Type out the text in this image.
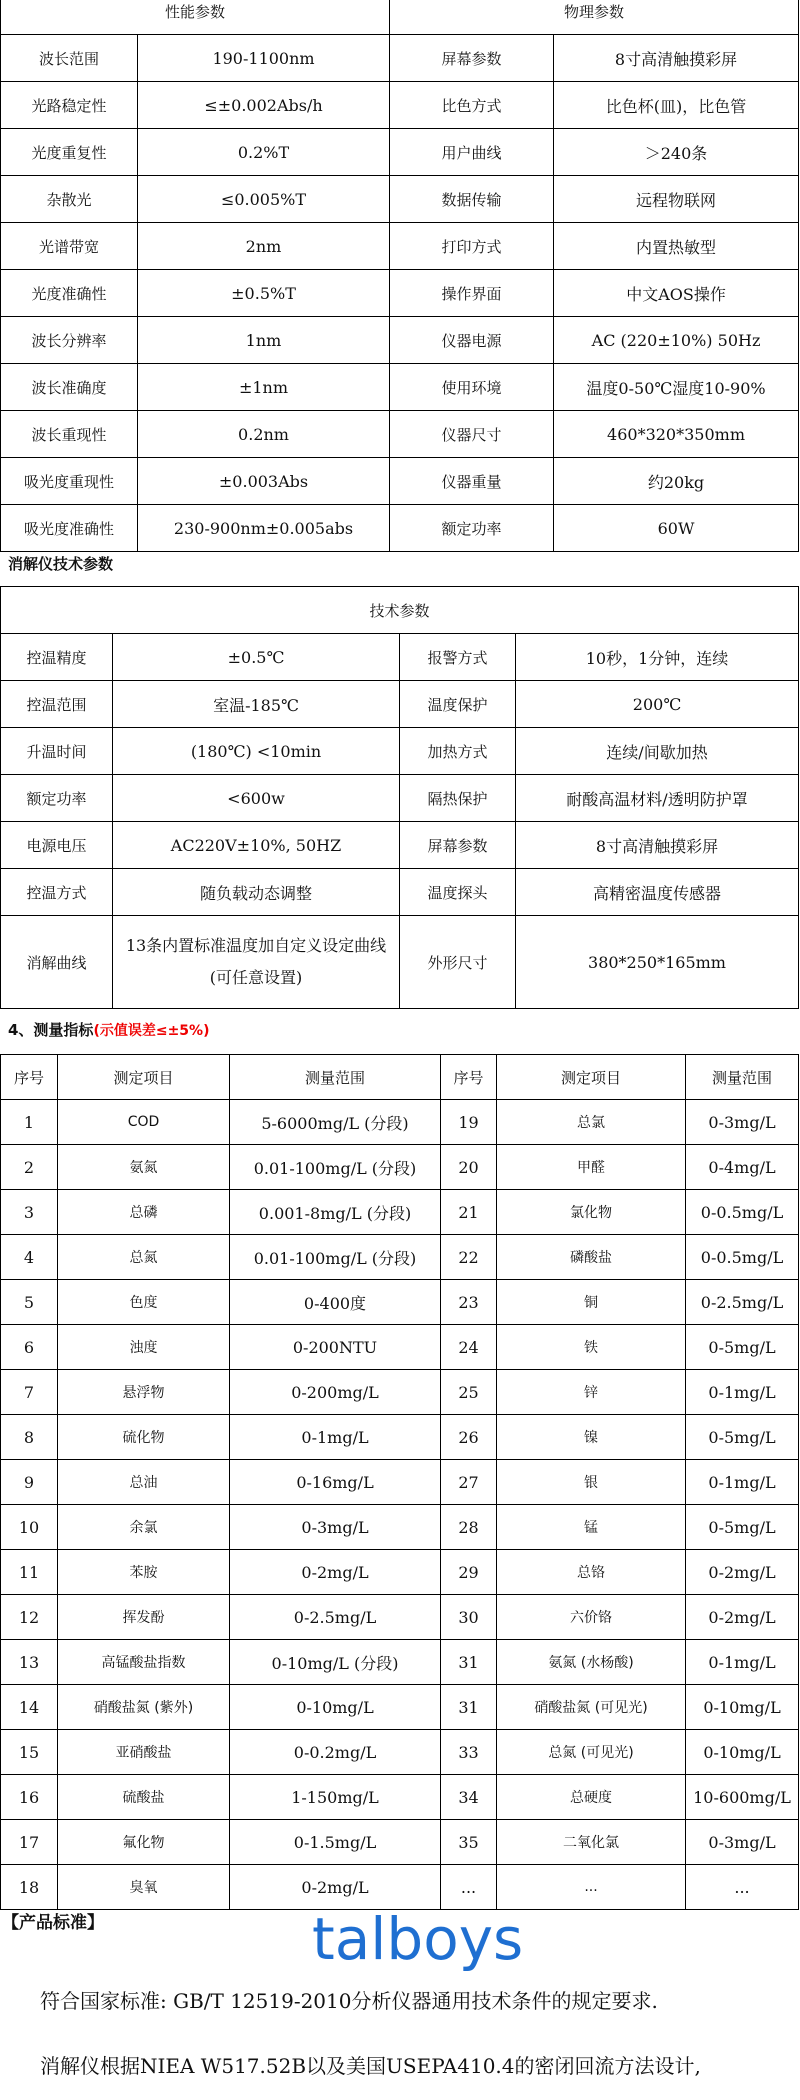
性能参数		物理参数	
波长范围	190-1100nm	屏幕参数	8寸高清触摸彩屏
光路稳定性	≤±0.002Abs/h	比色方式	比色杯(皿)，比色管
光度重复性	0.2%T	用户曲线	＞240条
杂散光	≤0.005%T	数据传输	远程物联网
光谱带宽	2nm	打印方式	内置热敏型
光度准确性	±0.5%T	操作界面	中文AOS操作
波长分辨率	1nm	仪器电源	AC (220±10%) 50Hz
波长准确度	±1nm	使用环境	温度0-50℃湿度10-90%
波长重现性	0.2nm	仪器尺寸	460*320*350mm
吸光度重现性	±0.003Abs	仪器重量	约20kg
吸光度准确性	230-900nm±0.005abs	额定功率	60W
消解仪技术参数
技术参数			
控温精度	±0.5℃	报警方式	10秒，1分钟，连续
控温范围	室温-185℃	温度保护	200℃
升温时间	(180℃) <10min	加热方式	连续/间歇加热
额定功率	<600w	隔热保护	耐酸高温材料/透明防护罩
电源电压	AC220V±10%, 50HZ	屏幕参数	8寸高清触摸彩屏
控温方式	随负载动态调整	温度探头	高精密温度传感器
消解曲线	13条内置标准温度加自定义设定曲线 (可任意设置)	外形尺寸	380*250*165mm
4、测量指标(示值误差≤±5%)
序号	测定项目	测量范围	序号	测定项目	测量范围
1	COD	5-6000mg/L (分段)	19	总氯	0-3mg/L
2	氨氮	0.01-100mg/L (分段)	20	甲醛	0-4mg/L
3	总磷	0.001-8mg/L (分段)	21	氯化物	0-0.5mg/L
4	总氮	0.01-100mg/L (分段)	22	磷酸盐	0-0.5mg/L
5	色度	0-400度	23	铜	0-2.5mg/L
6	浊度	0-200NTU	24	铁	0-5mg/L
7	悬浮物	0-200mg/L	25	锌	0-1mg/L
8	硫化物	0-1mg/L	26	镍	0-5mg/L
9	总油	0-16mg/L	27	银	0-1mg/L
10	余氯	0-3mg/L	28	锰	0-5mg/L
11	苯胺	0-2mg/L	29	总铬	0-2mg/L
12	挥发酚	0-2.5mg/L	30	六价铬	0-2mg/L
13	高锰酸盐指数	0-10mg/L (分段)	31	氨氮 (水杨酸)	0-1mg/L
14	硝酸盐氮 (紫外)	0-10mg/L	31	硝酸盐氮 (可见光)	0-10mg/L
15	亚硝酸盐	0-0.2mg/L	33	总氮 (可见光)	0-10mg/L
16	硫酸盐	1-150mg/L	34	总硬度	10-600mg/L
17	氟化物	0-1.5mg/L	35	二氧化氯	0-3mg/L
18	臭氧	0-2mg/L	...	...	...
【产品标准】	talboys
符合国家标准: GB/T 12519-2010分析仪器通用技术条件的规定要求.
消解仪根据NIEA W517.52B以及美国USEPA410.4的密闭回流方法设计,
